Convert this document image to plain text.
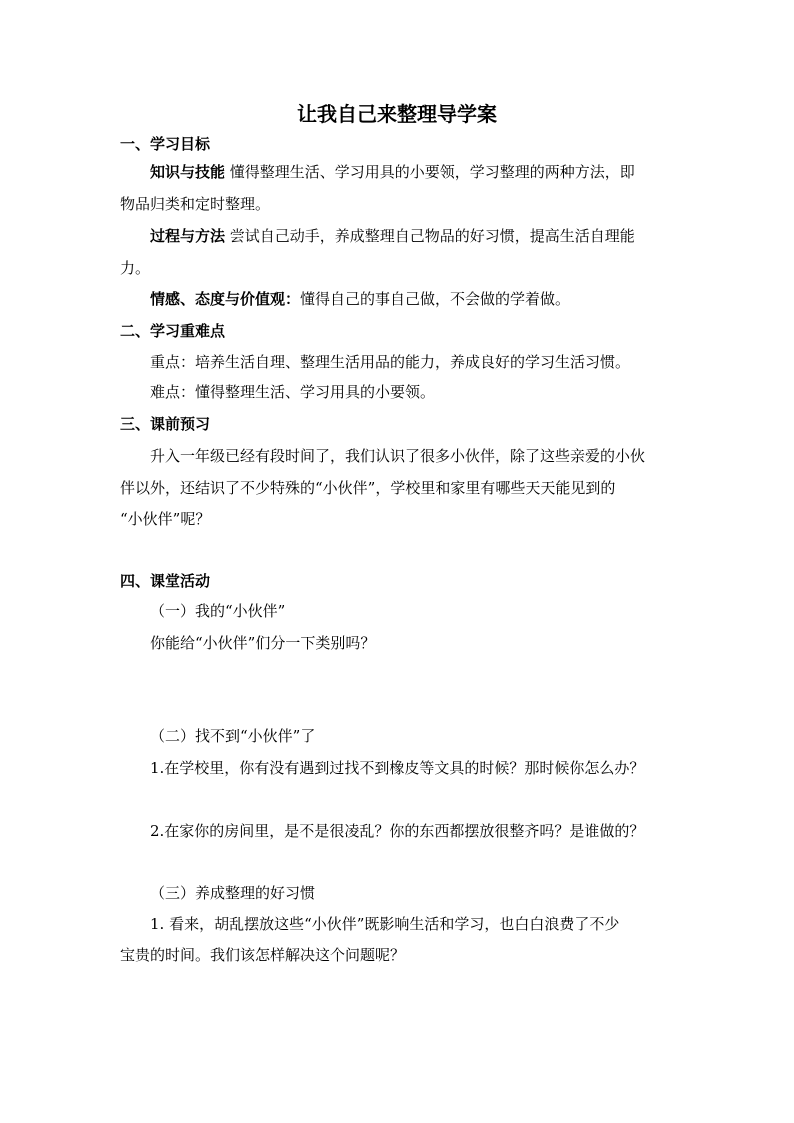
让我自己来整理导学案
一、学习目标
知识与技能 懂得整理生活、学习用具的小要领，学习整理的两种方法，即
物品归类和定时整理。
过程与方法 尝试自己动手，养成整理自己物品的好习惯，提高生活自理能
力。
情感、态度与价值观：懂得自己的事自己做，不会做的学着做。
二、学习重难点
重点：培养生活自理、整理生活用品的能力，养成良好的学习生活习惯。
难点：懂得整理生活、学习用具的小要领。
三、课前预习
升入一年级已经有段时间了，我们认识了很多小伙伴，除了这些亲爱的小伙
伴以外，还结识了不少特殊的“小伙伴”，学校里和家里有哪些天天能见到的
“小伙伴”呢？
四、课堂活动
（一）我的“小伙伴”
你能给“小伙伴”们分一下类别吗？
（二）找不到“小伙伴”了
1.在学校里，你有没有遇到过找不到橡皮等文具的时候？那时候你怎么办？
2.在家你的房间里，是不是很凌乱？你的东西都摆放很整齐吗？是谁做的？
（三）养成整理的好习惯
1. 看来，胡乱摆放这些“小伙伴”既影响生活和学习，也白白浪费了不少
宝贵的时间。我们该怎样解决这个问题呢？
